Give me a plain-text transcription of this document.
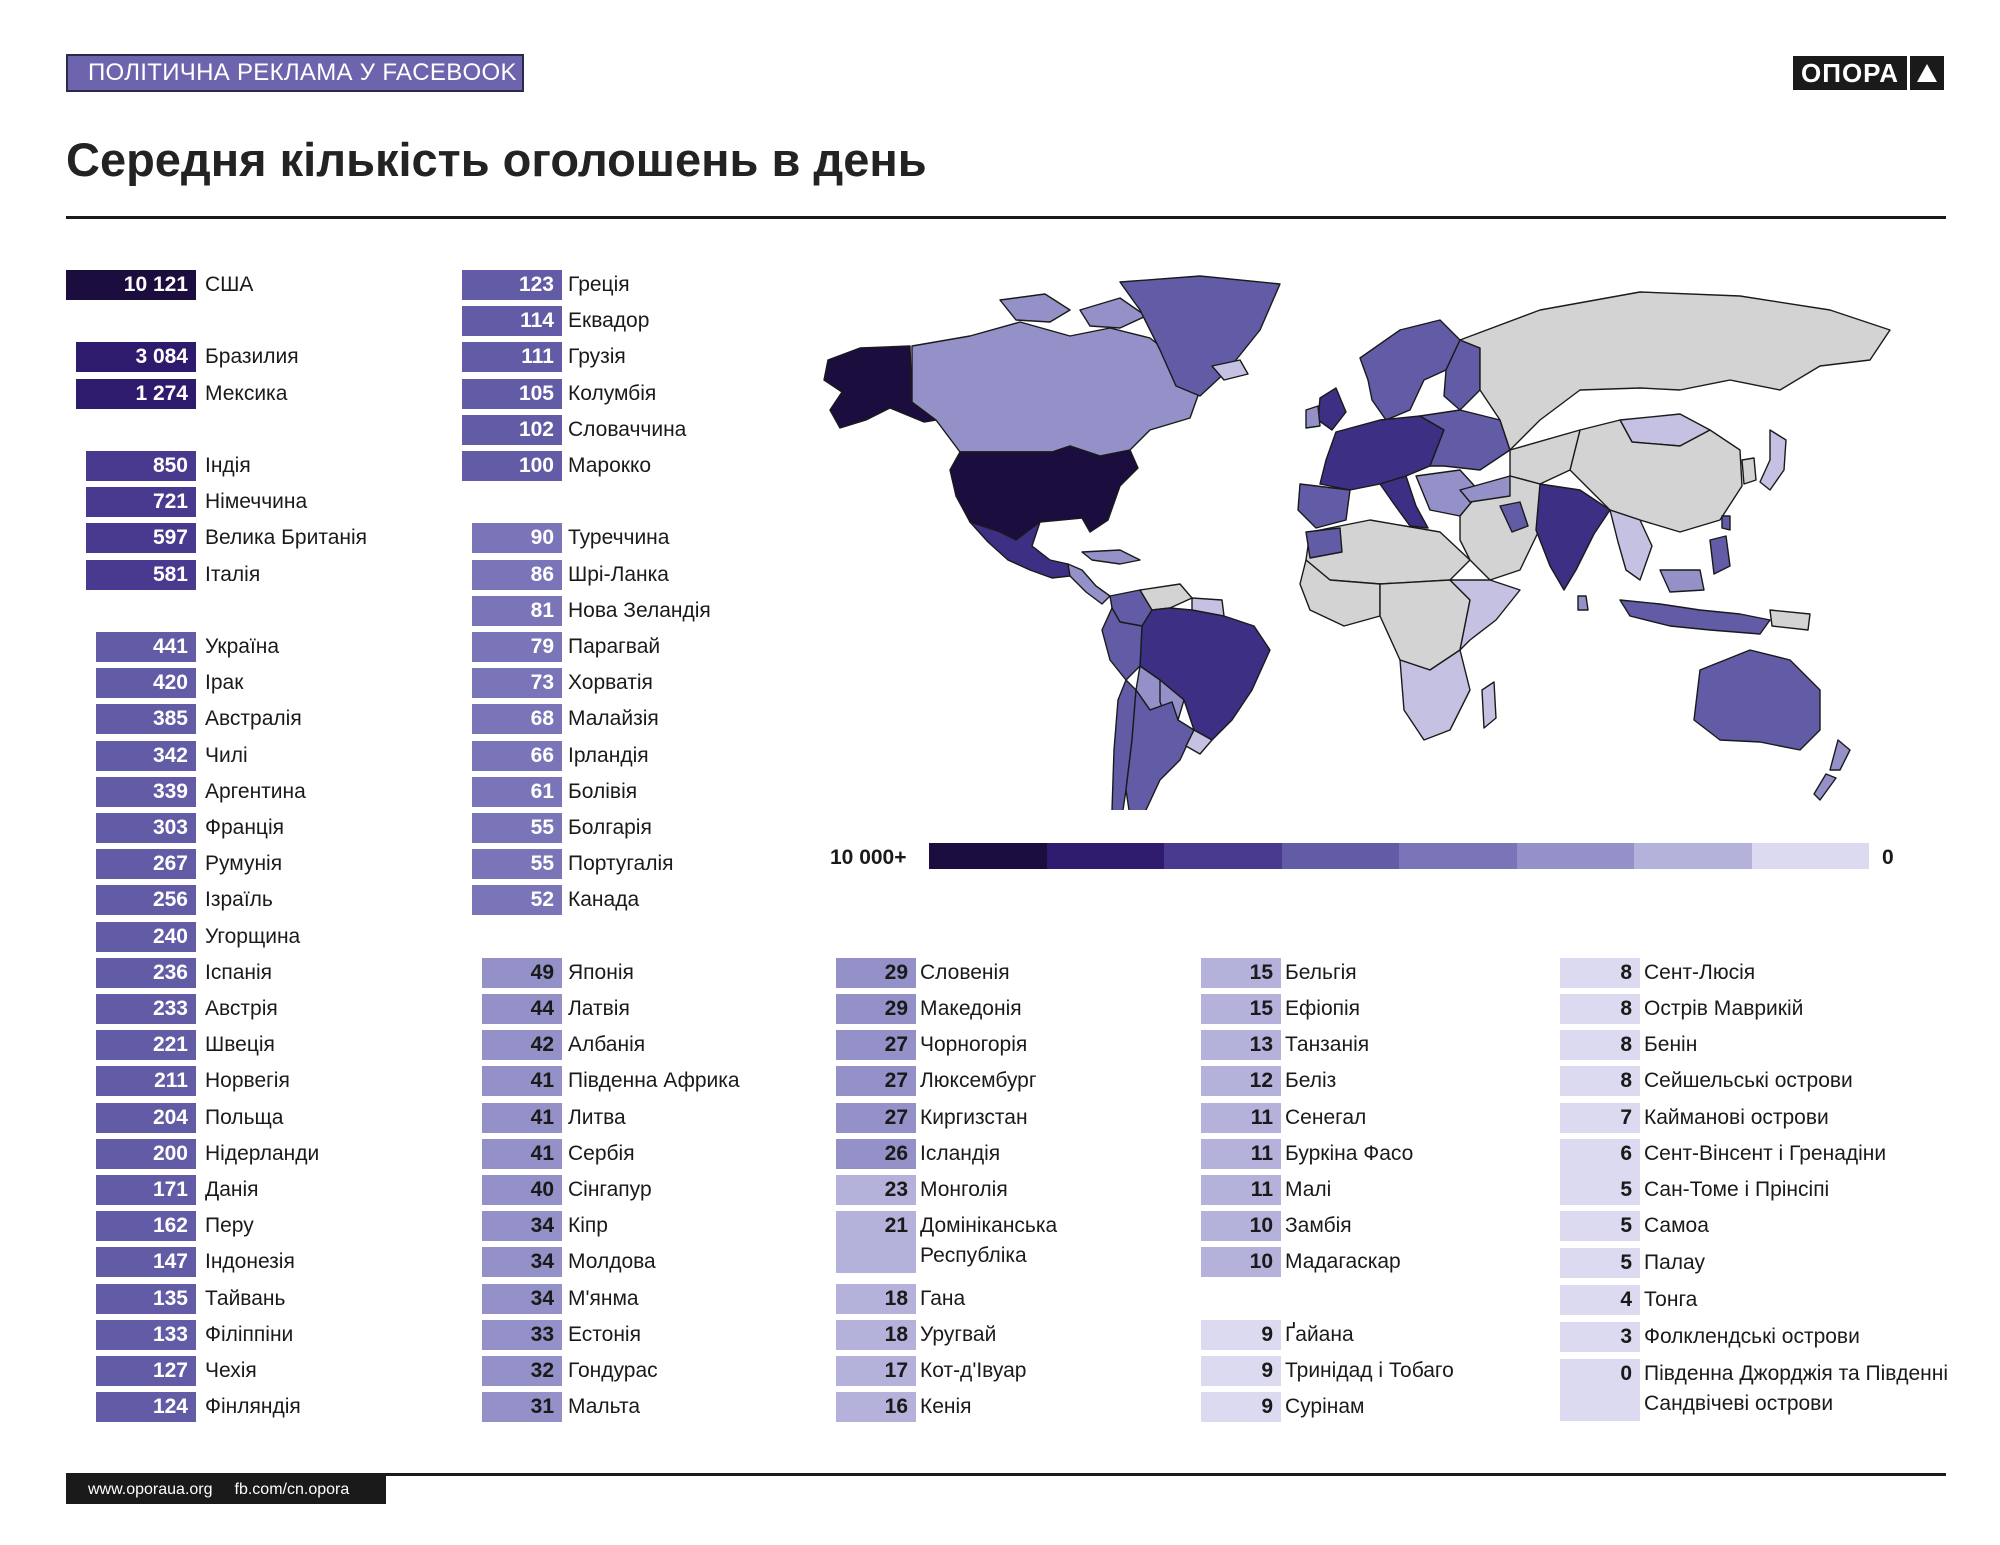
ПОЛІТИЧНА РЕКЛАМА У FACEBOOK	ОПОРА
Середня кількість оголошень в день
10 121 США
3 084 Бразилия
1 274 Мексика
850 Індія
721 Німеччина
597 Велика Британія
581 Італія
441 Україна
420 Ірак
385 Австралія
342 Чилі
339 Аргентина
303 Франція
267 Румунія
256 Ізраїль
240 Угорщина
236 Іспанія
233 Австрія
221 Швеція
211 Норвегія
204 Польща
200 Нідерланди
171 Данія
162 Перу
147 Індонезія
135 Тайвань
133 Філіппіни
127 Чехія
124 Фінляндія
123 Греція
114 Еквадор
111 Грузія
105 Колумбія
102 Словаччина
100 Марокко
90 Туреччина
86 Шрі-Ланка
81 Нова Зеландія
79 Парагвай
73 Хорватія
68 Малайзія
66 Ірландія
61 Болівія
55 Болгарія
55 Португалія
52 Канада
49 Японія
44 Латвія
42 Албанія
41 Південна Африка
41 Литва
41 Сербія
40 Сінгапур
34 Кіпр
34 Молдова
34 М'янма
33 Естонія
32 Гондурас
31 Мальта
29 Словенія
29 Македонія
27 Чорногорія
27 Люксембург
27 Киргизстан
26 Ісландія
23 Монголія
21 Домініканська Республіка
18 Гана
18 Уругвай
17 Кот-д'Івуар
16 Кенія
15 Бельгія
15 Ефіопія
13 Танзанія
12 Беліз
11 Сенегал
11 Буркіна Фасо
11 Малі
10 Замбія
10 Мадагаскар
9 Ґайана
9 Тринідад і Тобаго
9 Сурінам
8 Сент-Люсія
8 Острів Маврикій
8 Бенін
8 Сейшельські острови
7 Кайманові острови
6 Сент-Вінсент і Гренадіни
5 Сан-Томе і Прінсіпі
5 Самоа
5 Палау
4 Тонга
3 Фолклендські острови
0 Південна Джорджія та Південні Сандвічеві острови
10 000+	0
www.oporaua.org fb.com/cn.opora
